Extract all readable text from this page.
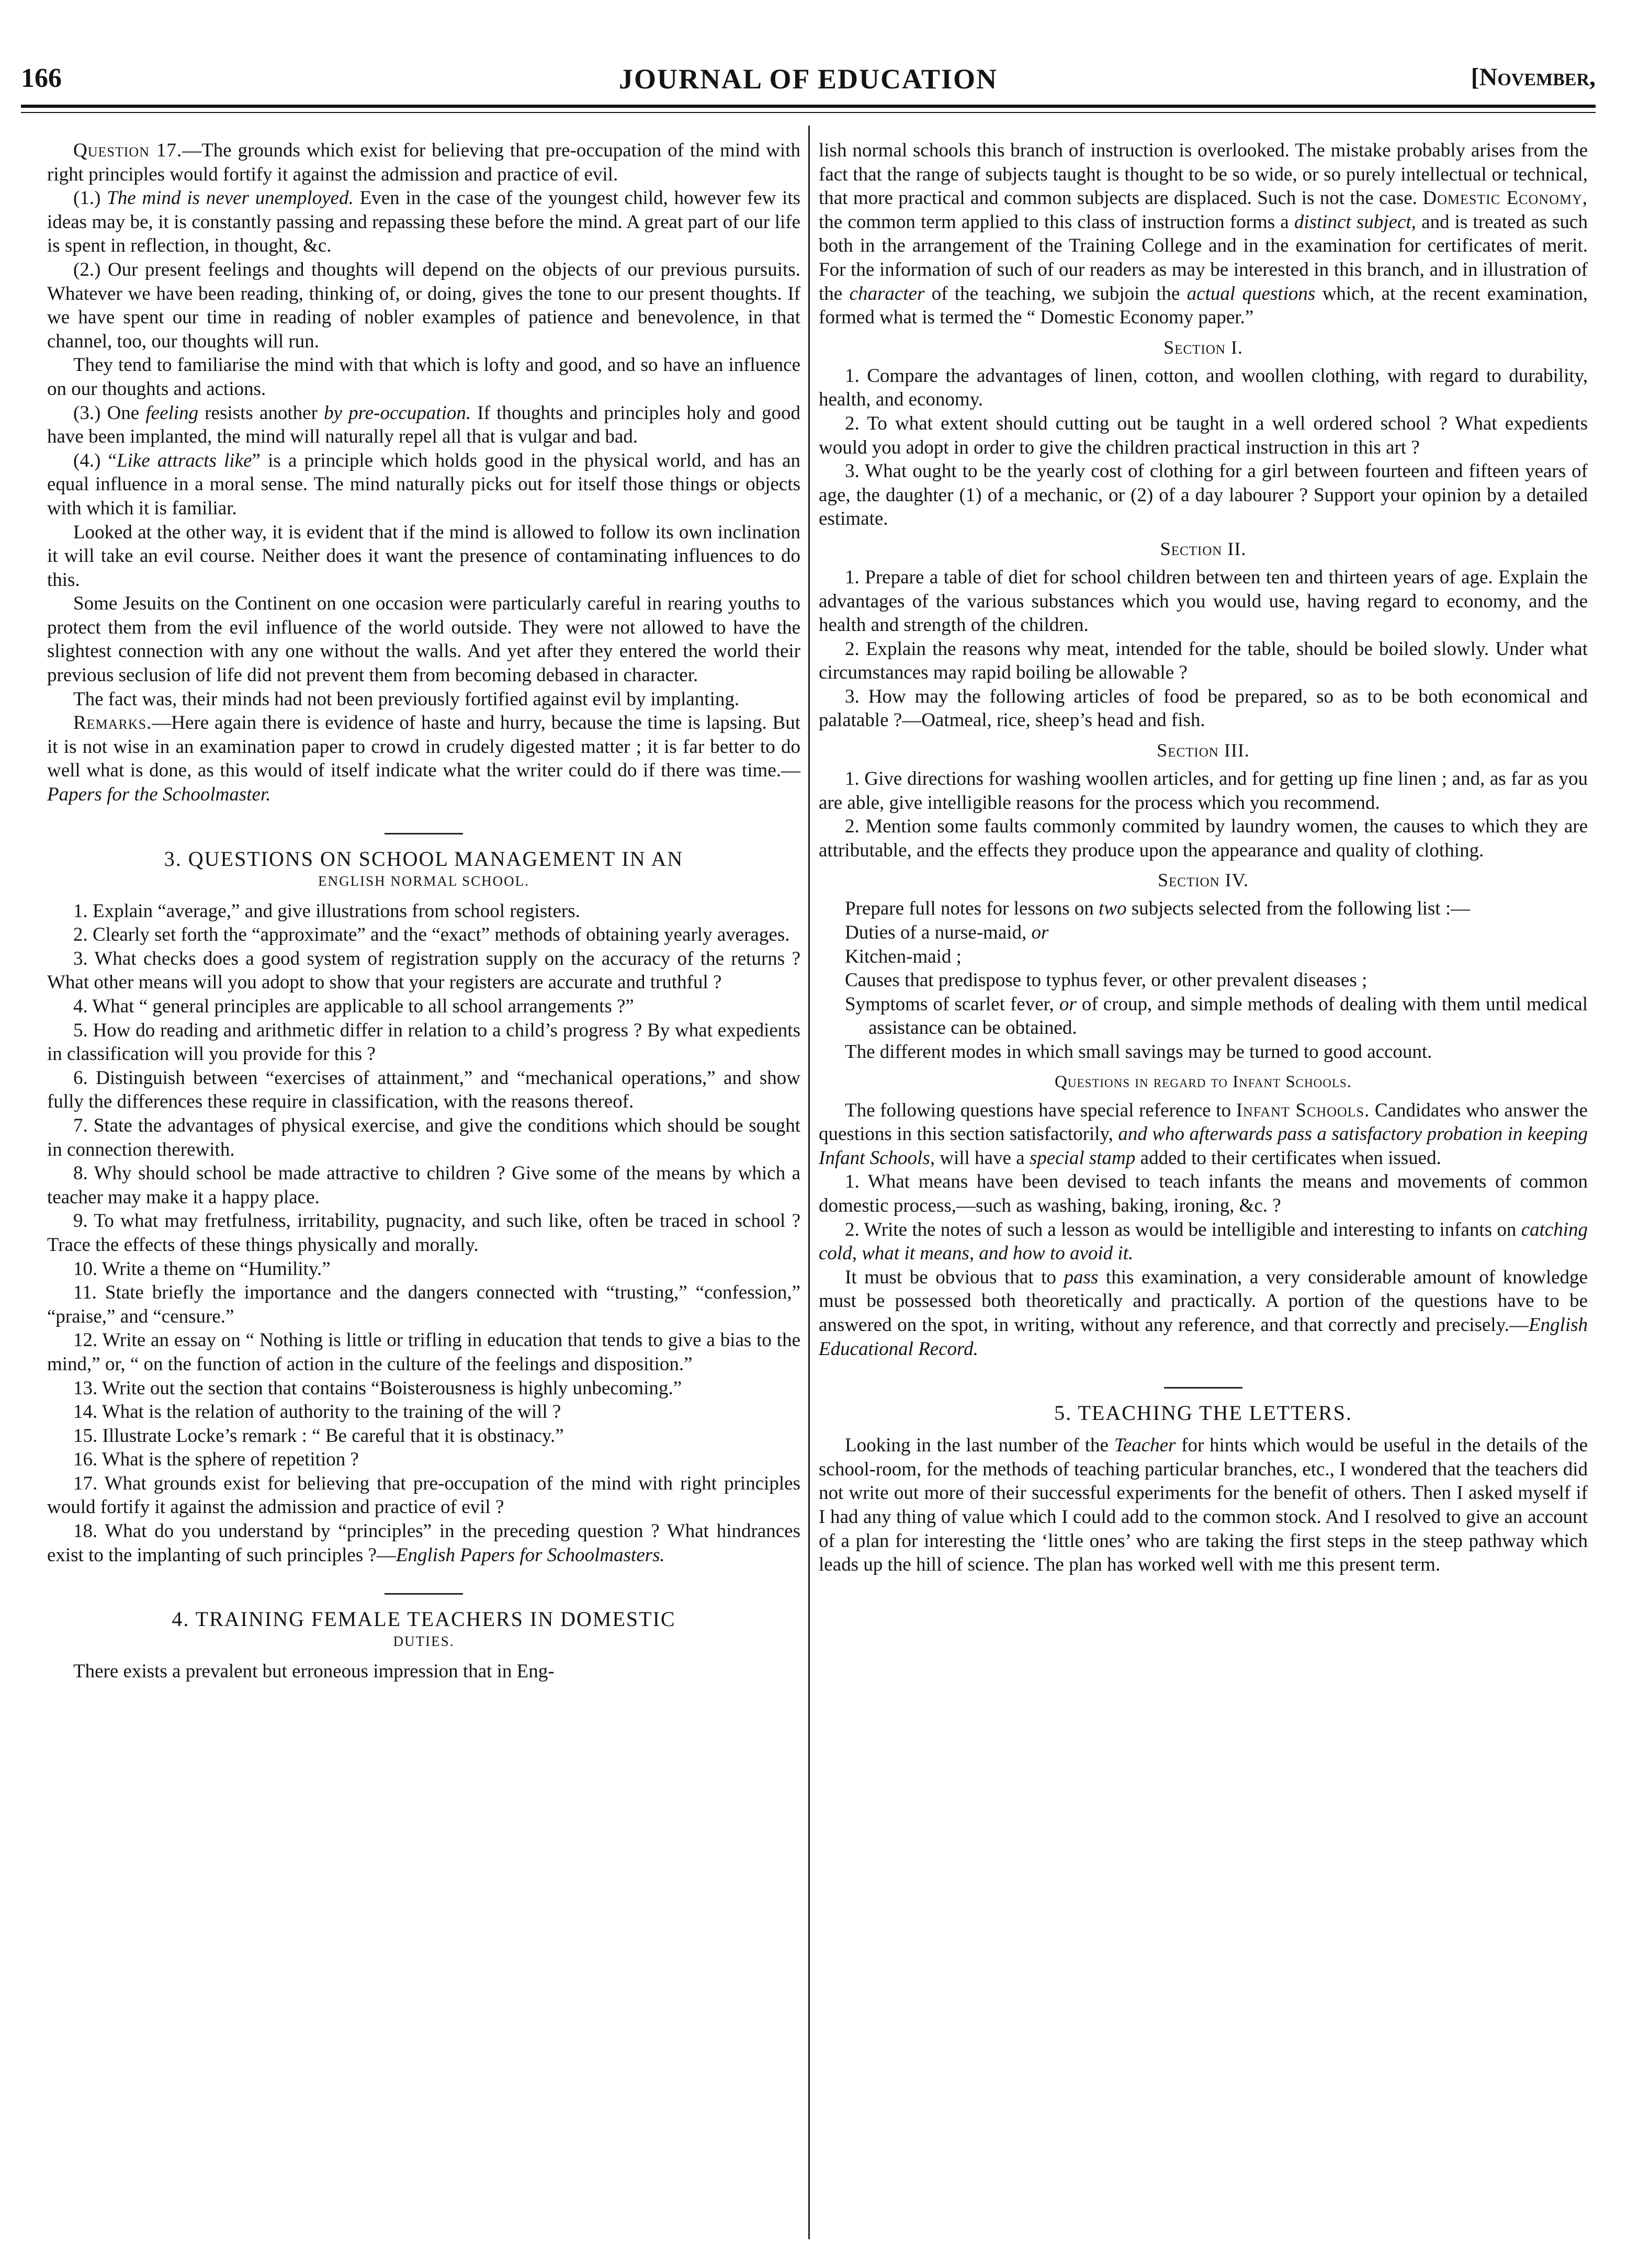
166	JOURNAL OF EDUCATION	[November,

Question 17.—The grounds which exist for believing that pre-occupation of the mind with right principles would fortify it against the admission and practice of evil.

(1.) The mind is never unemployed. Even in the case of the youngest child, however few its ideas may be, it is constantly passing and repassing these before the mind. A great part of our life is spent in reflection, in thought, &c.

(2.) Our present feelings and thoughts will depend on the objects of our previous pursuits. Whatever we have been reading, thinking of, or doing, gives the tone to our present thoughts. If we have spent our time in reading of nobler examples of patience and benevolence, in that channel, too, our thoughts will run.

They tend to familiarise the mind with that which is lofty and good, and so have an influence on our thoughts and actions.

(3.) One feeling resists another by pre-occupation. If thoughts and principles holy and good have been implanted, the mind will naturally repel all that is vulgar and bad.

(4.) “Like attracts like” is a principle which holds good in the physical world, and has an equal influence in a moral sense. The mind naturally picks out for itself those things or objects with which it is familiar.

Looked at the other way, it is evident that if the mind is allowed to follow its own inclination it will take an evil course. Neither does it want the presence of contaminating influences to do this.

Some Jesuits on the Continent on one occasion were particularly careful in rearing youths to protect them from the evil influence of the world outside. They were not allowed to have the slightest connection with any one without the walls. And yet after they entered the world their previous seclusion of life did not prevent them from becoming debased in character.

The fact was, their minds had not been previously fortified against evil by implanting.

Remarks.—Here again there is evidence of haste and hurry, because the time is lapsing. But it is not wise in an examination paper to crowd in crudely digested matter ; it is far better to do well what is done, as this would of itself indicate what the writer could do if there was time.—Papers for the Schoolmaster.

3. QUESTIONS ON SCHOOL MANAGEMENT IN AN
ENGLISH NORMAL SCHOOL.
1. Explain “average,” and give illustrations from school registers.
2. Clearly set forth the “approximate” and the “exact” methods of obtaining yearly averages.
3. What checks does a good system of registration supply on the accuracy of the returns ? What other means will you adopt to show that your registers are accurate and truthful ?
4. What “ general principles are applicable to all school arrangements ?”
5. How do reading and arithmetic differ in relation to a child’s progress ? By what expedients in classification will you provide for this ?
6. Distinguish between “exercises of attainment,” and “mechanical operations,” and show fully the differences these require in classification, with the reasons thereof.
7. State the advantages of physical exercise, and give the conditions which should be sought in connection therewith.
8. Why should school be made attractive to children ? Give some of the means by which a teacher may make it a happy place.
9. To what may fretfulness, irritability, pugnacity, and such like, often be traced in school ? Trace the effects of these things physically and morally.
10. Write a theme on “Humility.”
11. State briefly the importance and the dangers connected with “trusting,” “confession,” “praise,” and “censure.”
12. Write an essay on “ Nothing is little or trifling in education that tends to give a bias to the mind,” or, “ on the function of action in the culture of the feelings and disposition.”
13. Write out the section that contains “Boisterousness is highly unbecoming.”
14. What is the relation of authority to the training of the will ?
15. Illustrate Locke’s remark : “ Be careful that it is obstinacy.”
16. What is the sphere of repetition ?
17. What grounds exist for believing that pre-occupation of the mind with right principles would fortify it against the admission and practice of evil ?
18. What do you understand by “principles” in the preceding question ? What hindrances exist to the implanting of such principles ?—English Papers for Schoolmasters.
4. TRAINING FEMALE TEACHERS IN DOMESTIC
DUTIES.

There exists a prevalent but erroneous impression that in Eng-

lish normal schools this branch of instruction is overlooked. The mistake probably arises from the fact that the range of subjects taught is thought to be so wide, or so purely intellectual or technical, that more practical and common subjects are displaced. Such is not the case. Domestic Economy, the common term applied to this class of instruction forms a distinct subject, and is treated as such both in the arrangement of the Training College and in the examination for certificates of merit. For the information of such of our readers as may be interested in this branch, and in illustration of the character of the teaching, we subjoin the actual questions which, at the recent examination, formed what is termed the “ Domestic Economy paper.”

Section I.
1. Compare the advantages of linen, cotton, and woollen clothing, with regard to durability, health, and economy.
2. To what extent should cutting out be taught in a well ordered school ? What expedients would you adopt in order to give the children practical instruction in this art ?
3. What ought to be the yearly cost of clothing for a girl between fourteen and fifteen years of age, the daughter (1) of a mechanic, or (2) of a day labourer ? Support your opinion by a detailed estimate.
Section II.
1. Prepare a table of diet for school children between ten and thirteen years of age. Explain the advantages of the various substances which you would use, having regard to economy, and the health and strength of the children.
2. Explain the reasons why meat, intended for the table, should be boiled slowly. Under what circumstances may rapid boiling be allowable ?
3. How may the following articles of food be prepared, so as to be both economical and palatable ?—Oatmeal, rice, sheep’s head and fish.
Section III.
1. Give directions for washing woollen articles, and for getting up fine linen ; and, as far as you are able, give intelligible reasons for the process which you recommend.
2. Mention some faults commonly commited by laundry women, the causes to which they are attributable, and the effects they produce upon the appearance and quality of clothing.
Section IV.

Prepare full notes for lessons on two subjects selected from the following list :—

Duties of a nurse-maid, or
Kitchen-maid ;
Causes that predispose to typhus fever, or other prevalent diseases ;
Symptoms of scarlet fever, or of croup, and simple methods of dealing with them until medical assistance can be obtained.
The different modes in which small savings may be turned to good account.
Questions in regard to Infant Schools.

The following questions have special reference to Infant Schools. Candidates who answer the questions in this section satisfactorily, and who afterwards pass a satisfactory probation in keeping Infant Schools, will have a special stamp added to their certificates when issued.

1. What means have been devised to teach infants the means and movements of common domestic process,—such as washing, baking, ironing, &c. ?
2. Write the notes of such a lesson as would be intelligible and interesting to infants on catching cold, what it means, and how to avoid it.

It must be obvious that to pass this examination, a very considerable amount of knowledge must be possessed both theoretically and practically. A portion of the questions have to be answered on the spot, in writing, without any reference, and that correctly and precisely.—English Educational Record.

5. TEACHING THE LETTERS.

Looking in the last number of the Teacher for hints which would be useful in the details of the school-room, for the methods of teaching particular branches, etc., I wondered that the teachers did not write out more of their successful experiments for the benefit of others. Then I asked myself if I had any thing of value which I could add to the common stock. And I resolved to give an account of a plan for interesting the ‘little ones’ who are taking the first steps in the steep pathway which leads up the hill of science. The plan has worked well with me this present term.
